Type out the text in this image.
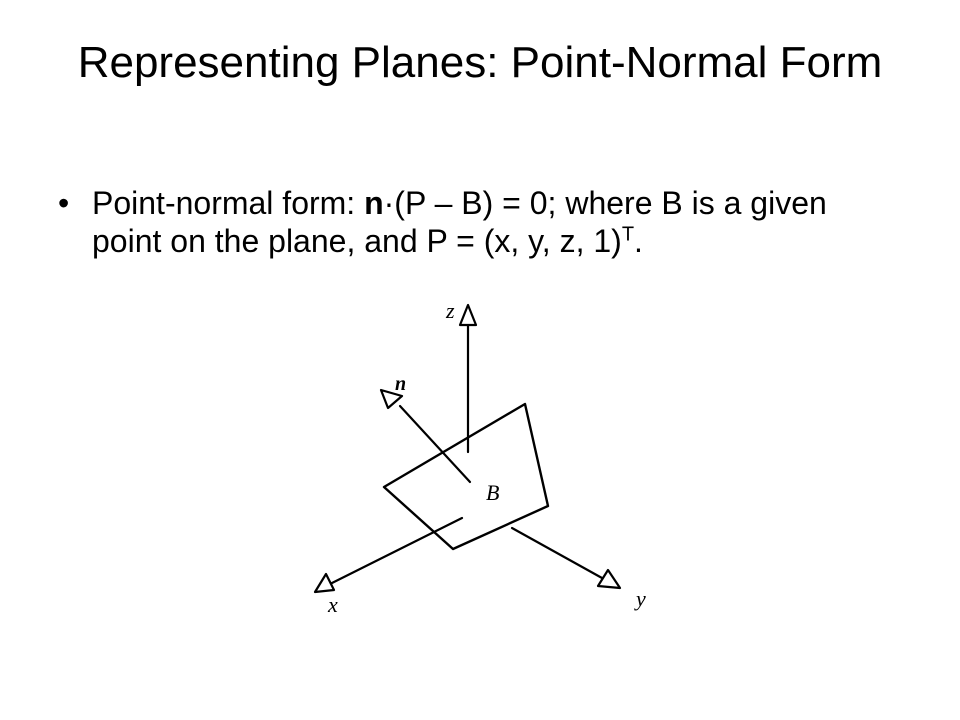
Representing Planes: Point-Normal Form
• Point-normal form: n·(P – B) = 0; where B is a given point on the plane, and P = (x, y, z, 1)$^T$.
z
n
B
x	y
